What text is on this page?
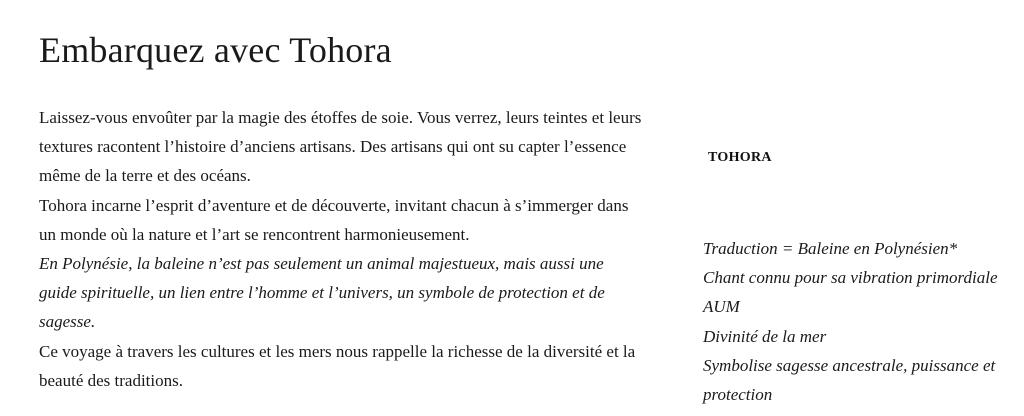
Embarquez avec Tohora

Laissez-vous envoûter par la magie des étoffes de soie. Vous verrez, leurs teintes et leurs textures racontent l’histoire d’anciens artisans. Des artisans qui ont su capter l’essence même de la terre et des océans.

Tohora incarne l’esprit d’aventure et de découverte, invitant chacun à s’immerger dans un monde où la nature et l’art se rencontrent harmonieusement.

En Polynésie, la baleine n’est pas seulement un animal majestueux, mais aussi une guide spirituelle, un lien entre l’homme et l’univers, un symbole de protection et de sagesse.

Ce voyage à travers les cultures et les mers nous rappelle la richesse de la diversité et la beauté des traditions.

TOHORA
Traduction = Baleine en Polynésien*
Chant connu pour sa vibration primordiale AUM
Divinité de la mer
Symbolise sagesse ancestrale, puissance et protection
